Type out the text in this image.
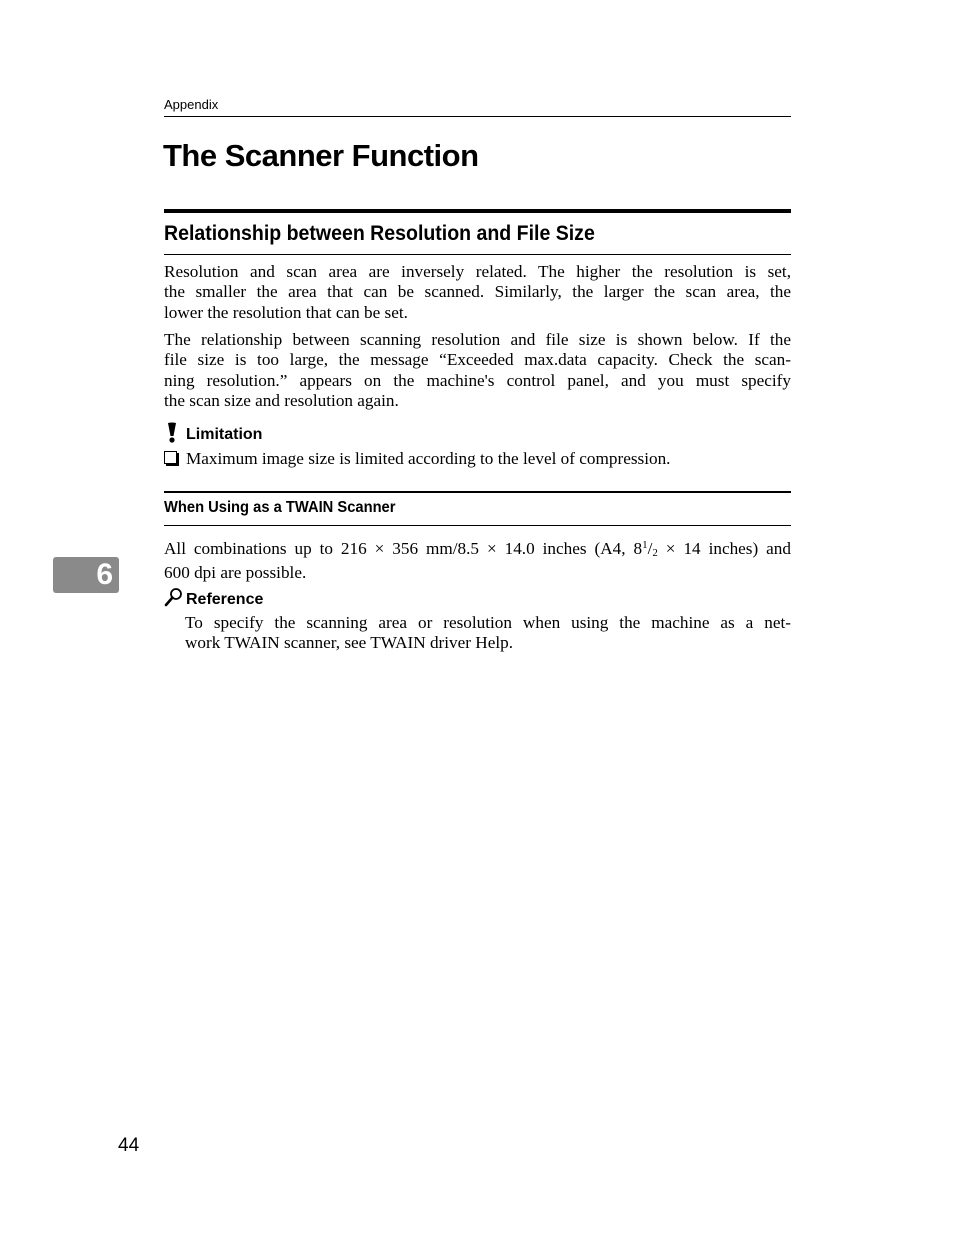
Appendix
The Scanner Function
Relationship between Resolution and File Size

Resolution and scan area are inversely related. The higher the resolution is set,
the smaller the area that can be scanned. Similarly, the larger the scan area, the
lower the resolution that can be set.

The relationship between scanning resolution and file size is shown below. If the
file size is too large, the message “Exceeded max.data capacity. Check the scan-
ning resolution.” appears on the machine's control panel, and you must specify
the scan size and resolution again.

Limitation
Maximum image size is limited according to the level of compression.
When Using as a TWAIN Scanner
6

All combinations up to 216 × 356 mm/8.5 × 14.0 inches (A4, $8^1/2 \times 14$ inches) and
600 dpi are possible.

Reference

To specify the scanning area or resolution when using the machine as a net-
work TWAIN scanner, see TWAIN driver Help.

44
